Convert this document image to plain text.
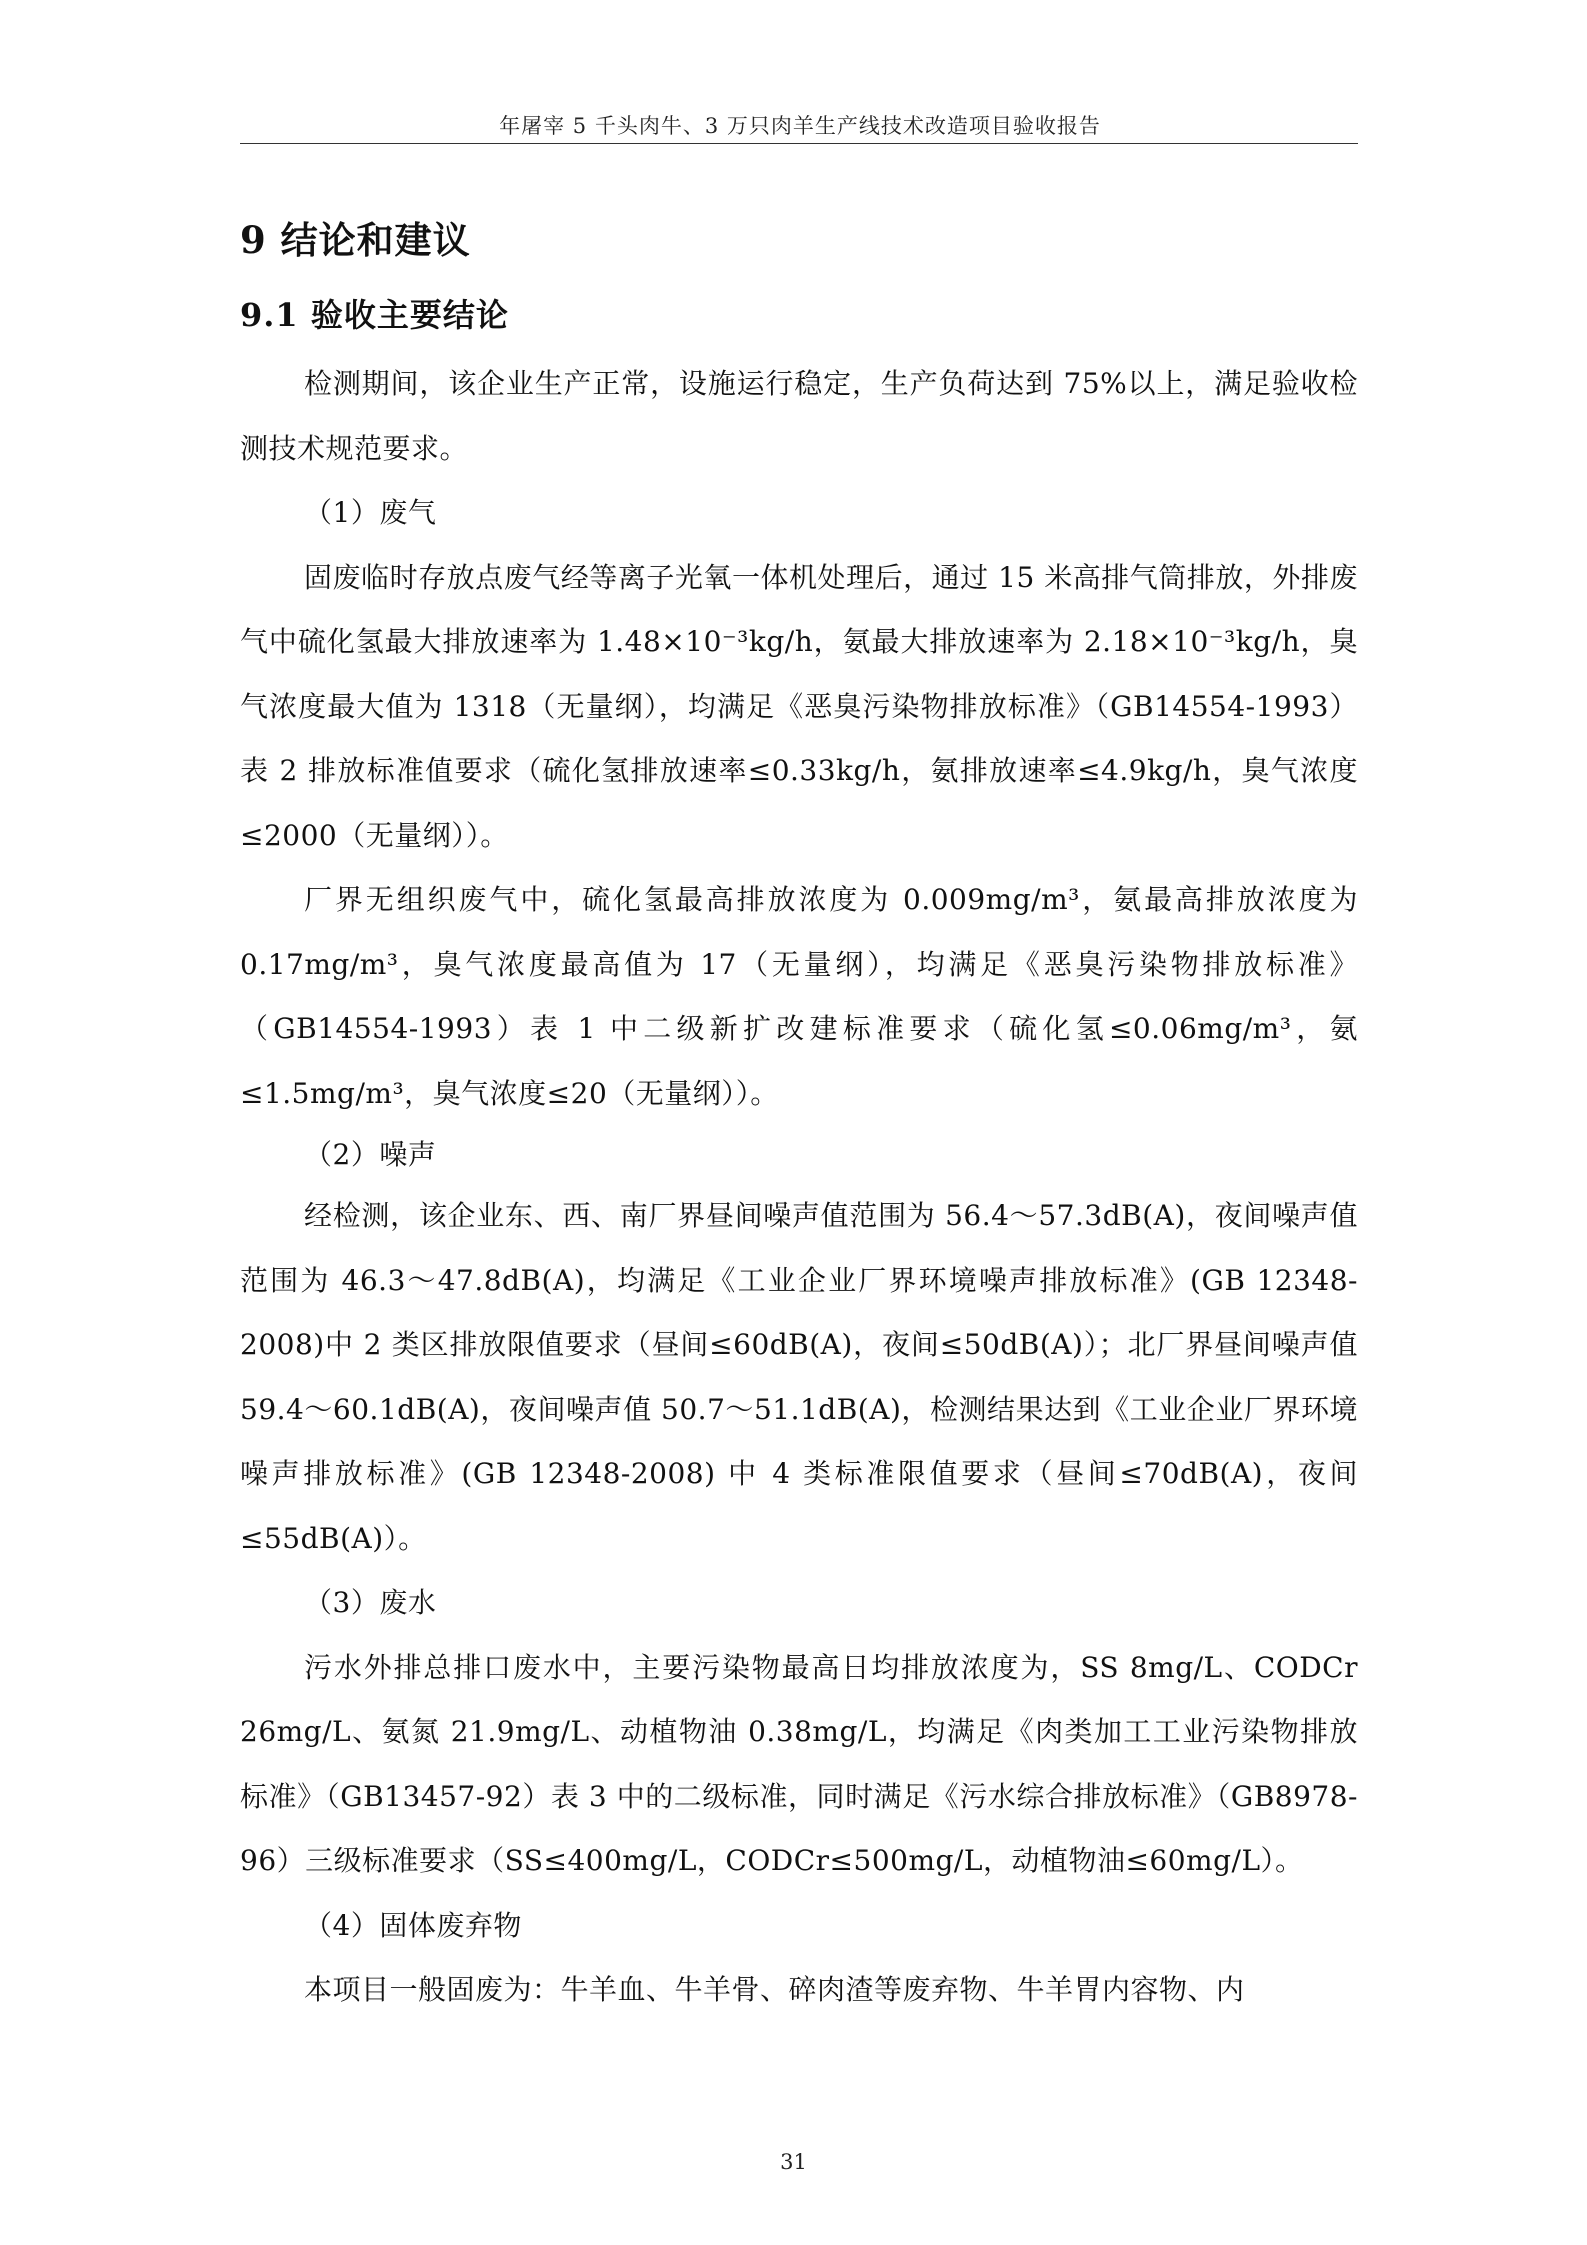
年屠宰 5 千头肉牛、3 万只肉羊生产线技术改造项目验收报告
9 结论和建议
9.1 验收主要结论

检测期间，该企业生产正常，设施运行稳定，生产负荷达到 75%以上，满足验收检测技术规范要求。

（1）废气

固废临时存放点废气经等离子光氧一体机处理后，通过 15 米高排气筒排放，外排废气中硫化氢最大排放速率为 1.48×10⁻³kg/h，氨最大排放速率为 2.18×10⁻³kg/h，臭气浓度最大值为 1318（无量纲），均满足《恶臭污染物排放标准》（GB14554-1993）表 2 排放标准值要求（硫化氢排放速率≤0.33kg/h，氨排放速率≤4.9kg/h，臭气浓度≤2000（无量纲））。

厂界无组织废气中，硫化氢最高排放浓度为 0.009mg/m³，氨最高排放浓度为 0.17mg/m³，臭气浓度最高值为 17（无量纲），均满足《恶臭污染物排放标准》（GB14554-1993）表 1 中二级新扩改建标准要求（硫化氢≤0.06mg/m³，氨≤1.5mg/m³，臭气浓度≤20（无量纲））。

（2）噪声

经检测，该企业东、西、南厂界昼间噪声值范围为 56.4～57.3dB(A)，夜间噪声值范围为 46.3～47.8dB(A)，均满足《工业企业厂界环境噪声排放标准》(GB 12348-2008)中 2 类区排放限值要求（昼间≤60dB(A)，夜间≤50dB(A)）；北厂界昼间噪声值 59.4～60.1dB(A)，夜间噪声值 50.7～51.1dB(A)，检测结果达到《工业企业厂界环境噪声排放标准》(GB 12348-2008) 中 4 类标准限值要求（昼间≤70dB(A)，夜间≤55dB(A)）。

（3）废水

污水外排总排口废水中，主要污染物最高日均排放浓度为，SS 8mg/L、CODCr 26mg/L、氨氮 21.9mg/L、动植物油 0.38mg/L，均满足《肉类加工工业污染物排放标准》（GB13457-92）表 3 中的二级标准，同时满足《污水综合排放标准》（GB8978-96）三级标准要求（SS≤400mg/L，CODCr≤500mg/L，动植物油≤60mg/L）。

（4）固体废弃物

本项目一般固废为：牛羊血、牛羊骨、碎肉渣等废弃物、牛羊胃内容物、内

31
